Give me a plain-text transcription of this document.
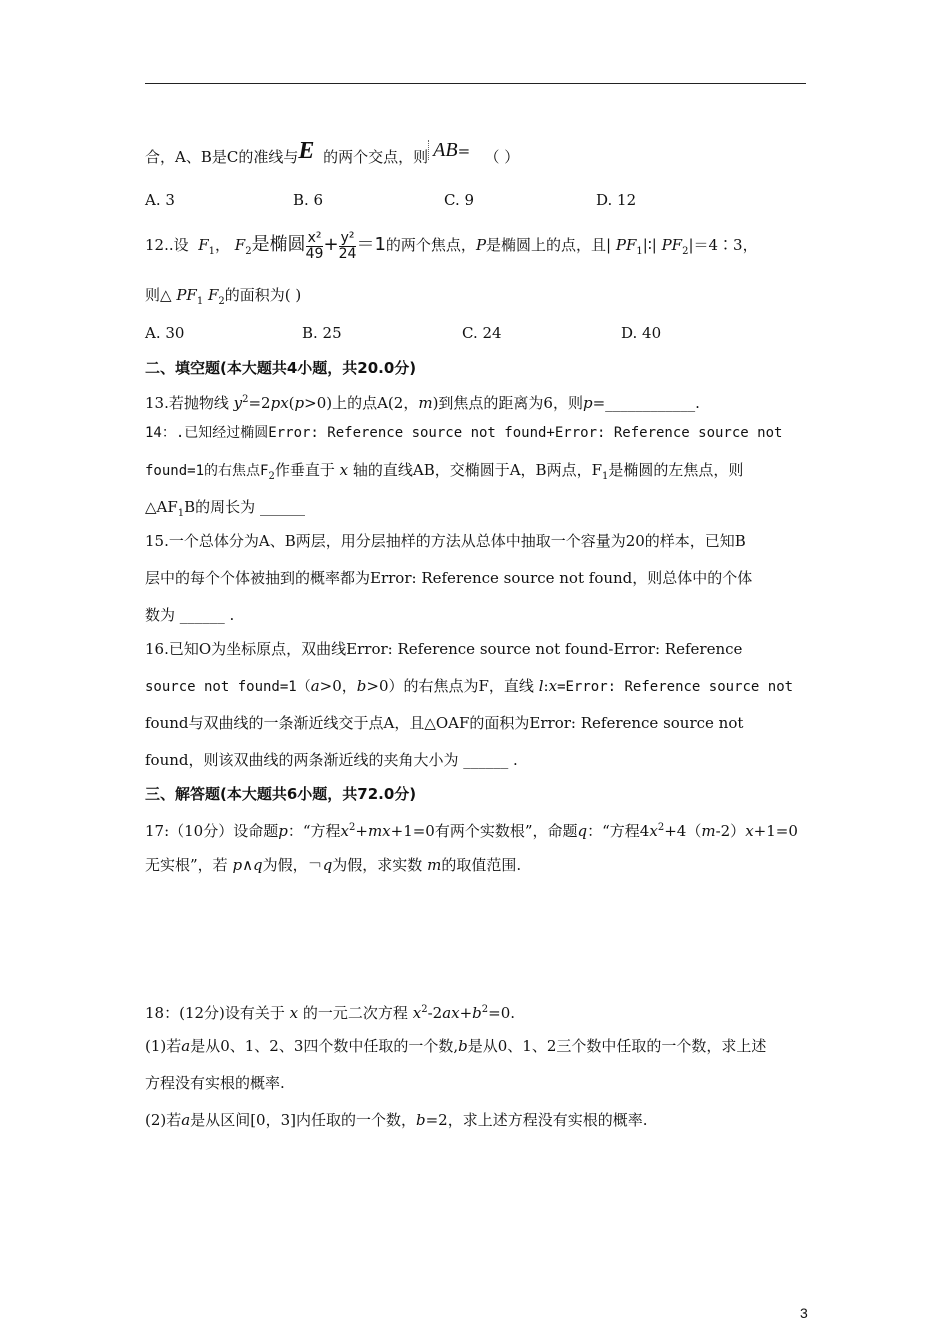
合，A、B是C的准线与E 的两个交点，则 AB= （ ）
A. 3	B. 6	C. 9	D. 12
12..设  $F_1$， $F_2$是椭圆 $\frac{\text{x²}}{49} + \frac{\text{y²}}{24} =1$的两个焦点，P是椭圆上的点，且| $PF_1|∶|$ $PF_2|=4∶3$，
则△ $PF_1$ $F_2$的面积为( )
A. 30	B. 25	C. 24	D. 40
二、填空题(本大题共4小题，共20.0分)
13.若抛物线 $y^2=2px(p>0)$上的点A(2，m)到焦点的距离为6，则p=____________.
14：.已知经过椭圆Error: Reference source not found+Error: Reference source not
found=1的右焦点$F_2$作垂直于 x 轴的直线AB，交椭圆于A，B两点，$F_1$是椭圆的左焦点，则
$\triangle AF_1B$的周长为 ______
15.一个总体分为A、B两层，用分层抽样的方法从总体中抽取一个容量为20的样本，已知B
层中的每个个体被抽到的概率都为Error: Reference source not found，则总体中的个体
数为 ______ .
16.已知O为坐标原点，双曲线Error: Reference source not found-Error: Reference
source not found=1（a>0，b>0）的右焦点为F，直线 l:x=Error: Reference source not
found与双曲线的一条渐近线交于点A，且△OAF的面积为Error: Reference source not
found，则该双曲线的两条渐近线的夹角大小为 ______ .
三、解答题(本大题共6小题，共72.0分)
17:（10分）设命题p：“方程$x^2+mx+1=0$有两个实数根”，命题q：“方程$4x^2+4(m-2)x+1=0$
无实根”，若 p∧q为假，￢q为假，求实数 m的取值范围.
18：(12分)设有关于 x 的一元二次方程 $x^2-2ax+b^2=0$.
(1)若a是从0、1、2、3四个数中任取的一个数,b是从0、1、2三个数中任取的一个数，求上述
方程没有实根的概率.
(2)若a是从区间[0，3]内任取的一个数，b=2，求上述方程没有实根的概率.
3
